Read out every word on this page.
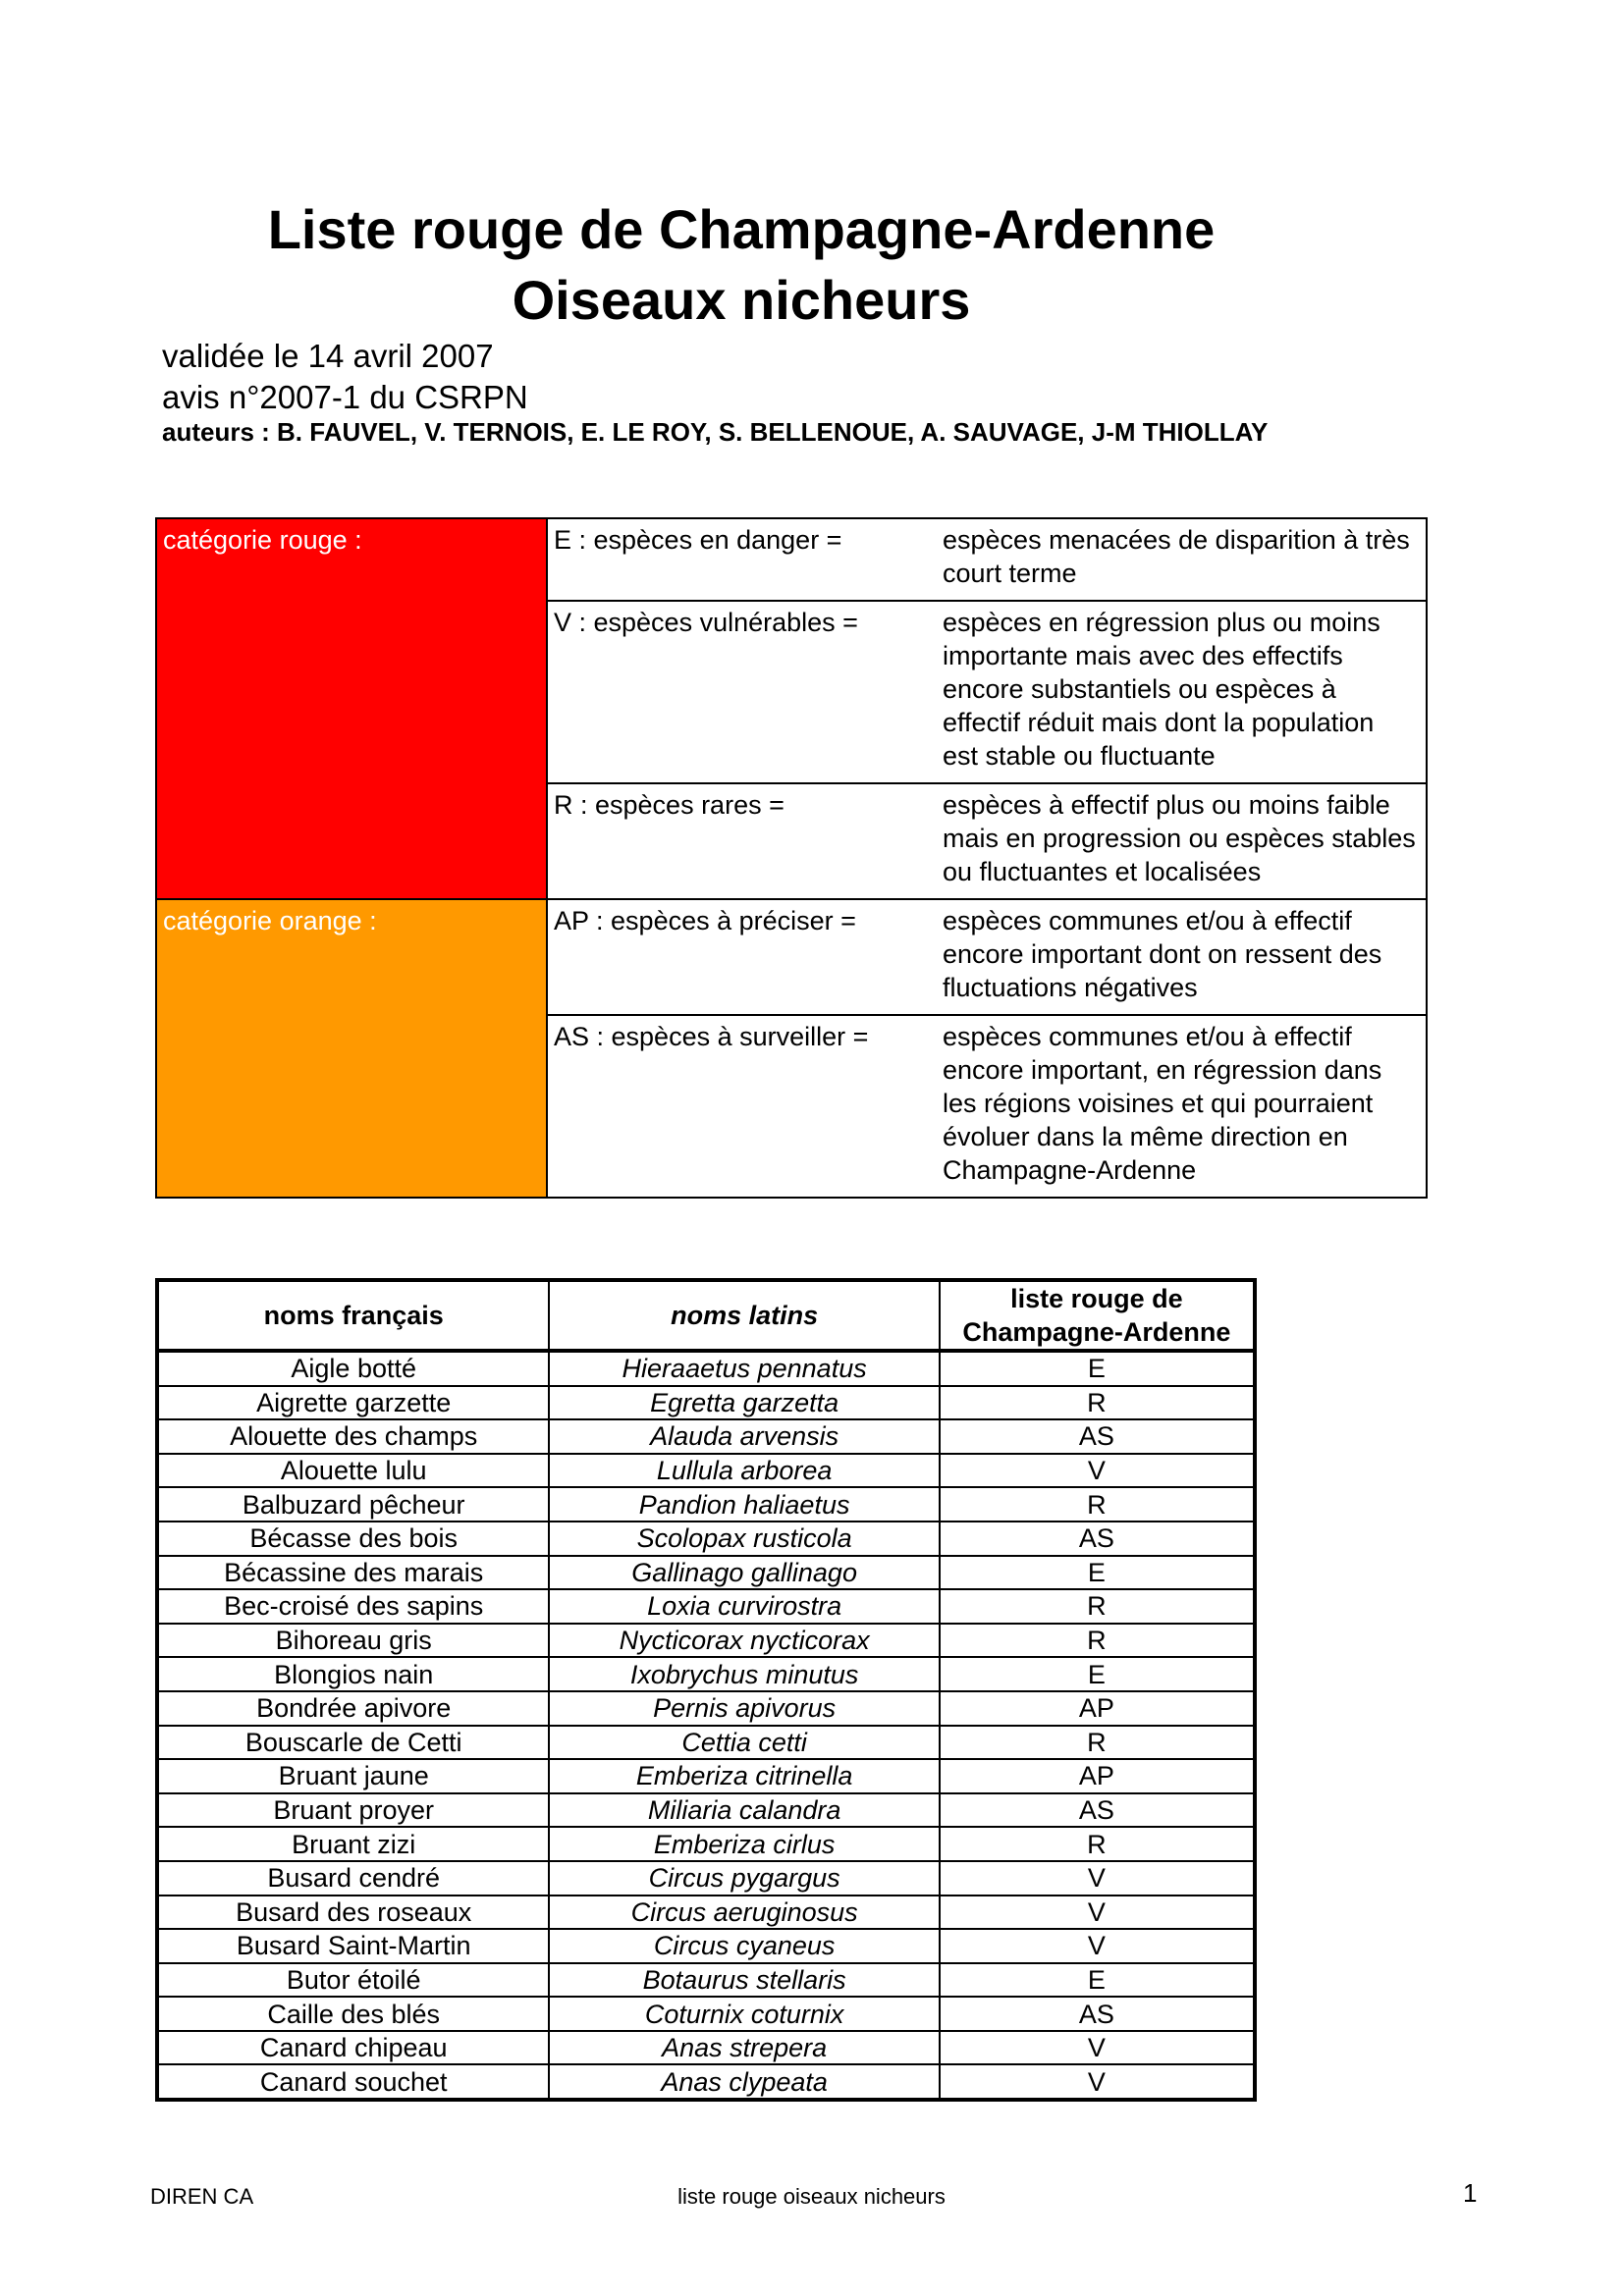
Liste rouge de Champagne-Ardenne
Oiseaux nicheurs

validée le 14 avril 2007

avis n°2007-1 du CSRPN

auteurs : B. FAUVEL, V. TERNOIS, E. LE ROY, S. BELLENOUE, A. SAUVAGE, J-M THIOLLAY

catégorie rouge :	E : espèces en danger =	espèces menacées de disparition à très court terme
V : espèces vulnérables =	espèces en régression plus ou moins importante mais avec des effectifs encore substantiels ou espèces à effectif réduit mais dont la population est stable ou fluctuante
R : espèces rares =	espèces à effectif plus ou moins faible mais en progression ou espèces stables ou fluctuantes et localisées
catégorie orange :	AP : espèces à préciser =	espèces communes et/ou à effectif encore important dont on ressent des fluctuations négatives
AS : espèces à surveiller =	espèces communes et/ou à effectif encore important, en régression dans les régions voisines et qui pourraient évoluer dans la même direction en Champagne-Ardenne
noms français	noms latins	liste rouge de Champagne-Ardenne
Aigle botté	Hieraaetus pennatus	E
Aigrette garzette	Egretta garzetta	R
Alouette des champs	Alauda arvensis	AS
Alouette lulu	Lullula arborea	V
Balbuzard pêcheur	Pandion haliaetus	R
Bécasse des bois	Scolopax rusticola	AS
Bécassine des marais	Gallinago gallinago	E
Bec-croisé des sapins	Loxia curvirostra	R
Bihoreau gris	Nycticorax nycticorax	R
Blongios nain	Ixobrychus minutus	E
Bondrée apivore	Pernis apivorus	AP
Bouscarle de Cetti	Cettia cetti	R
Bruant jaune	Emberiza citrinella	AP
Bruant proyer	Miliaria calandra	AS
Bruant zizi	Emberiza cirlus	R
Busard cendré	Circus pygargus	V
Busard des roseaux	Circus aeruginosus	V
Busard Saint-Martin	Circus cyaneus	V
Butor étoilé	Botaurus stellaris	E
Caille des blés	Coturnix coturnix	AS
Canard chipeau	Anas strepera	V
Canard souchet	Anas clypeata	V

DIREN CA	liste rouge oiseaux nicheurs	1
